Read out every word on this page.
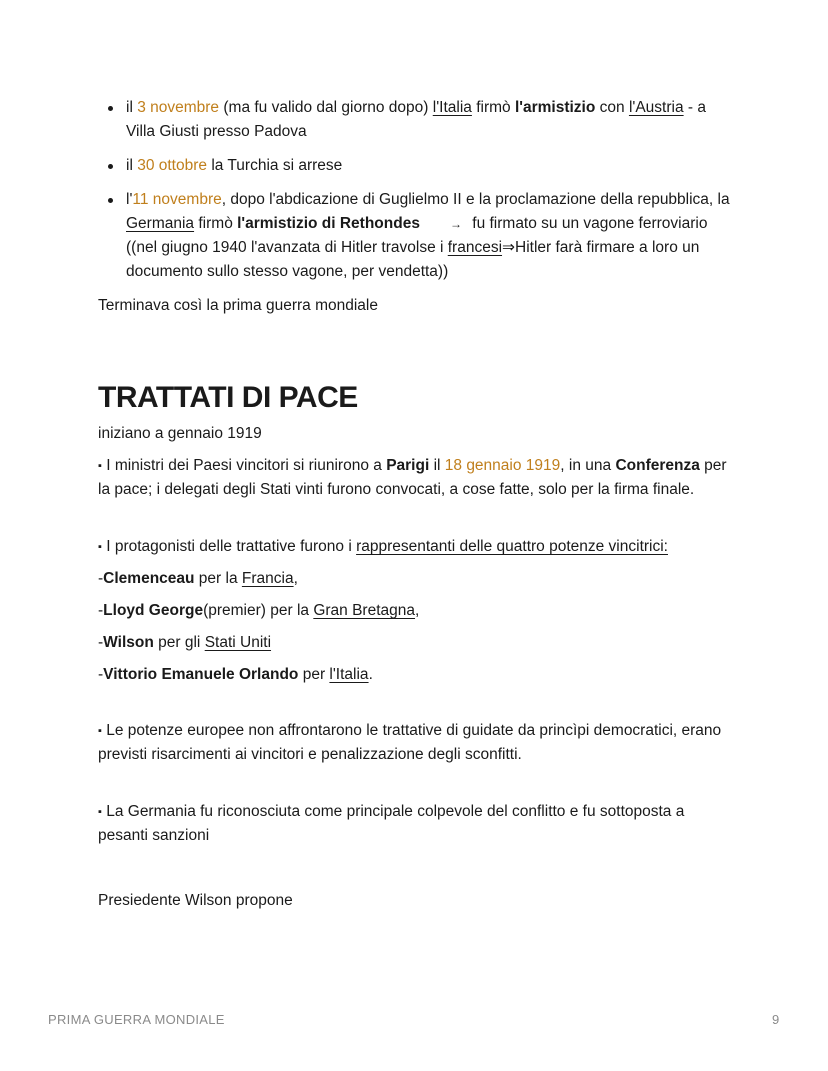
il 3 novembre (ma fu valido dal giorno dopo) l'Italia firmò l'armistizio con l'Austria - a Villa Giusti presso Padova
il 30 ottobre la Turchia si arrese
l'11 novembre, dopo l'abdicazione di Guglielmo II e la proclamazione della repubblica, la Germania firmò l'armistizio di Rethondes	→ fu firmato su un vagone ferroviario ((nel giugno 1940 l'avanzata di Hitler travolse i francesi⇒Hitler farà firmare a loro un documento sullo stesso vagone, per vendetta))

Terminava così la prima guerra mondiale

TRATTATI DI PACE

iniziano a gennaio 1919

▪ I ministri dei Paesi vincitori si riunirono a Parigi il 18 gennaio 1919, in una Conferenza per la pace; i delegati degli Stati vinti furono convocati, a cose fatte, solo per la firma finale.

▪ I protagonisti delle trattative furono i rappresentanti delle quattro potenze vincitrici:

-Clemenceau per la Francia,

-Lloyd George(premier) per la Gran Bretagna,

-Wilson per gli Stati Uniti

-Vittorio Emanuele Orlando per l'Italia.

▪ Le potenze europee non affrontarono le trattative di guidate da princìpi democratici, erano previsti risarcimenti ai vincitori e penalizzazione degli sconfitti.

▪ La Germania fu riconosciuta come principale colpevole del conflitto e fu sottoposta a pesanti sanzioni

Presiedente Wilson propone

PRIMA GUERRA MONDIALE	9
